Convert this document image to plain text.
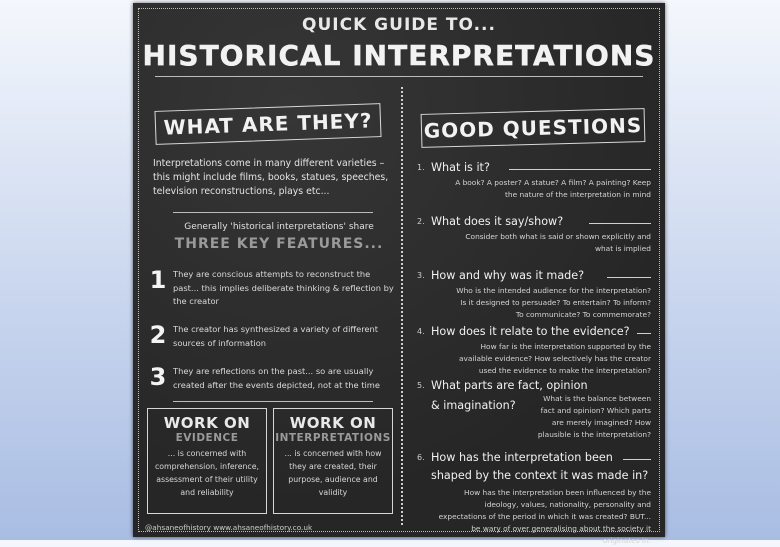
QUICK GUIDE TO...
HISTORICAL INTERPRETATIONS
WHAT ARE THEY?
Interpretations come in many different varieties – this might include films, books, statues, speeches, television reconstructions, plays etc...
Generally 'historical interpretations' share
THREE KEY FEATURES...
1 They are conscious attempts to reconstruct the past... this implies deliberate thinking & reflection by the creator
2 The creator has synthesized a variety of different sources of information
3 They are reflections on the past... so are usually created after the events depicted, not at the time
WORK ON
EVIDENCE
... is concerned with comprehension, inference, assessment of their utility and reliability
WORK ON
INTERPRETATIONS
... is concerned with how they are created, their purpose, audience and validity
@ahsaneofhistory www.ahsaneofhistory.co.uk
GOOD QUESTIONS
1. What is it?
A book? A poster? A statue? A film? A painting? Keep the nature of the interpretation in mind
2. What does it say/show?
Consider both what is said or shown explicitly and what is implied
3. How and why was it made?
Who is the intended audience for the interpretation? Is it designed to persuade? To entertain? To inform? To communicate? To commemorate?
4. How does it relate to the evidence?
How far is the interpretation supported by the available evidence? How selectively has the creator used the evidence to make the interpretation?
5. What parts are fact, opinion
& imagination?
What is the balance between fact and opinion? Which parts are merely imagined? How plausible is the interpretation?
6. How has the interpretation been
shaped by the context it was made in?
How has the interpretation been influenced by the ideology, values, nationality, personality and expectations of the period in which it was created? BUT... be wary of over generalising about the society it originates in.
